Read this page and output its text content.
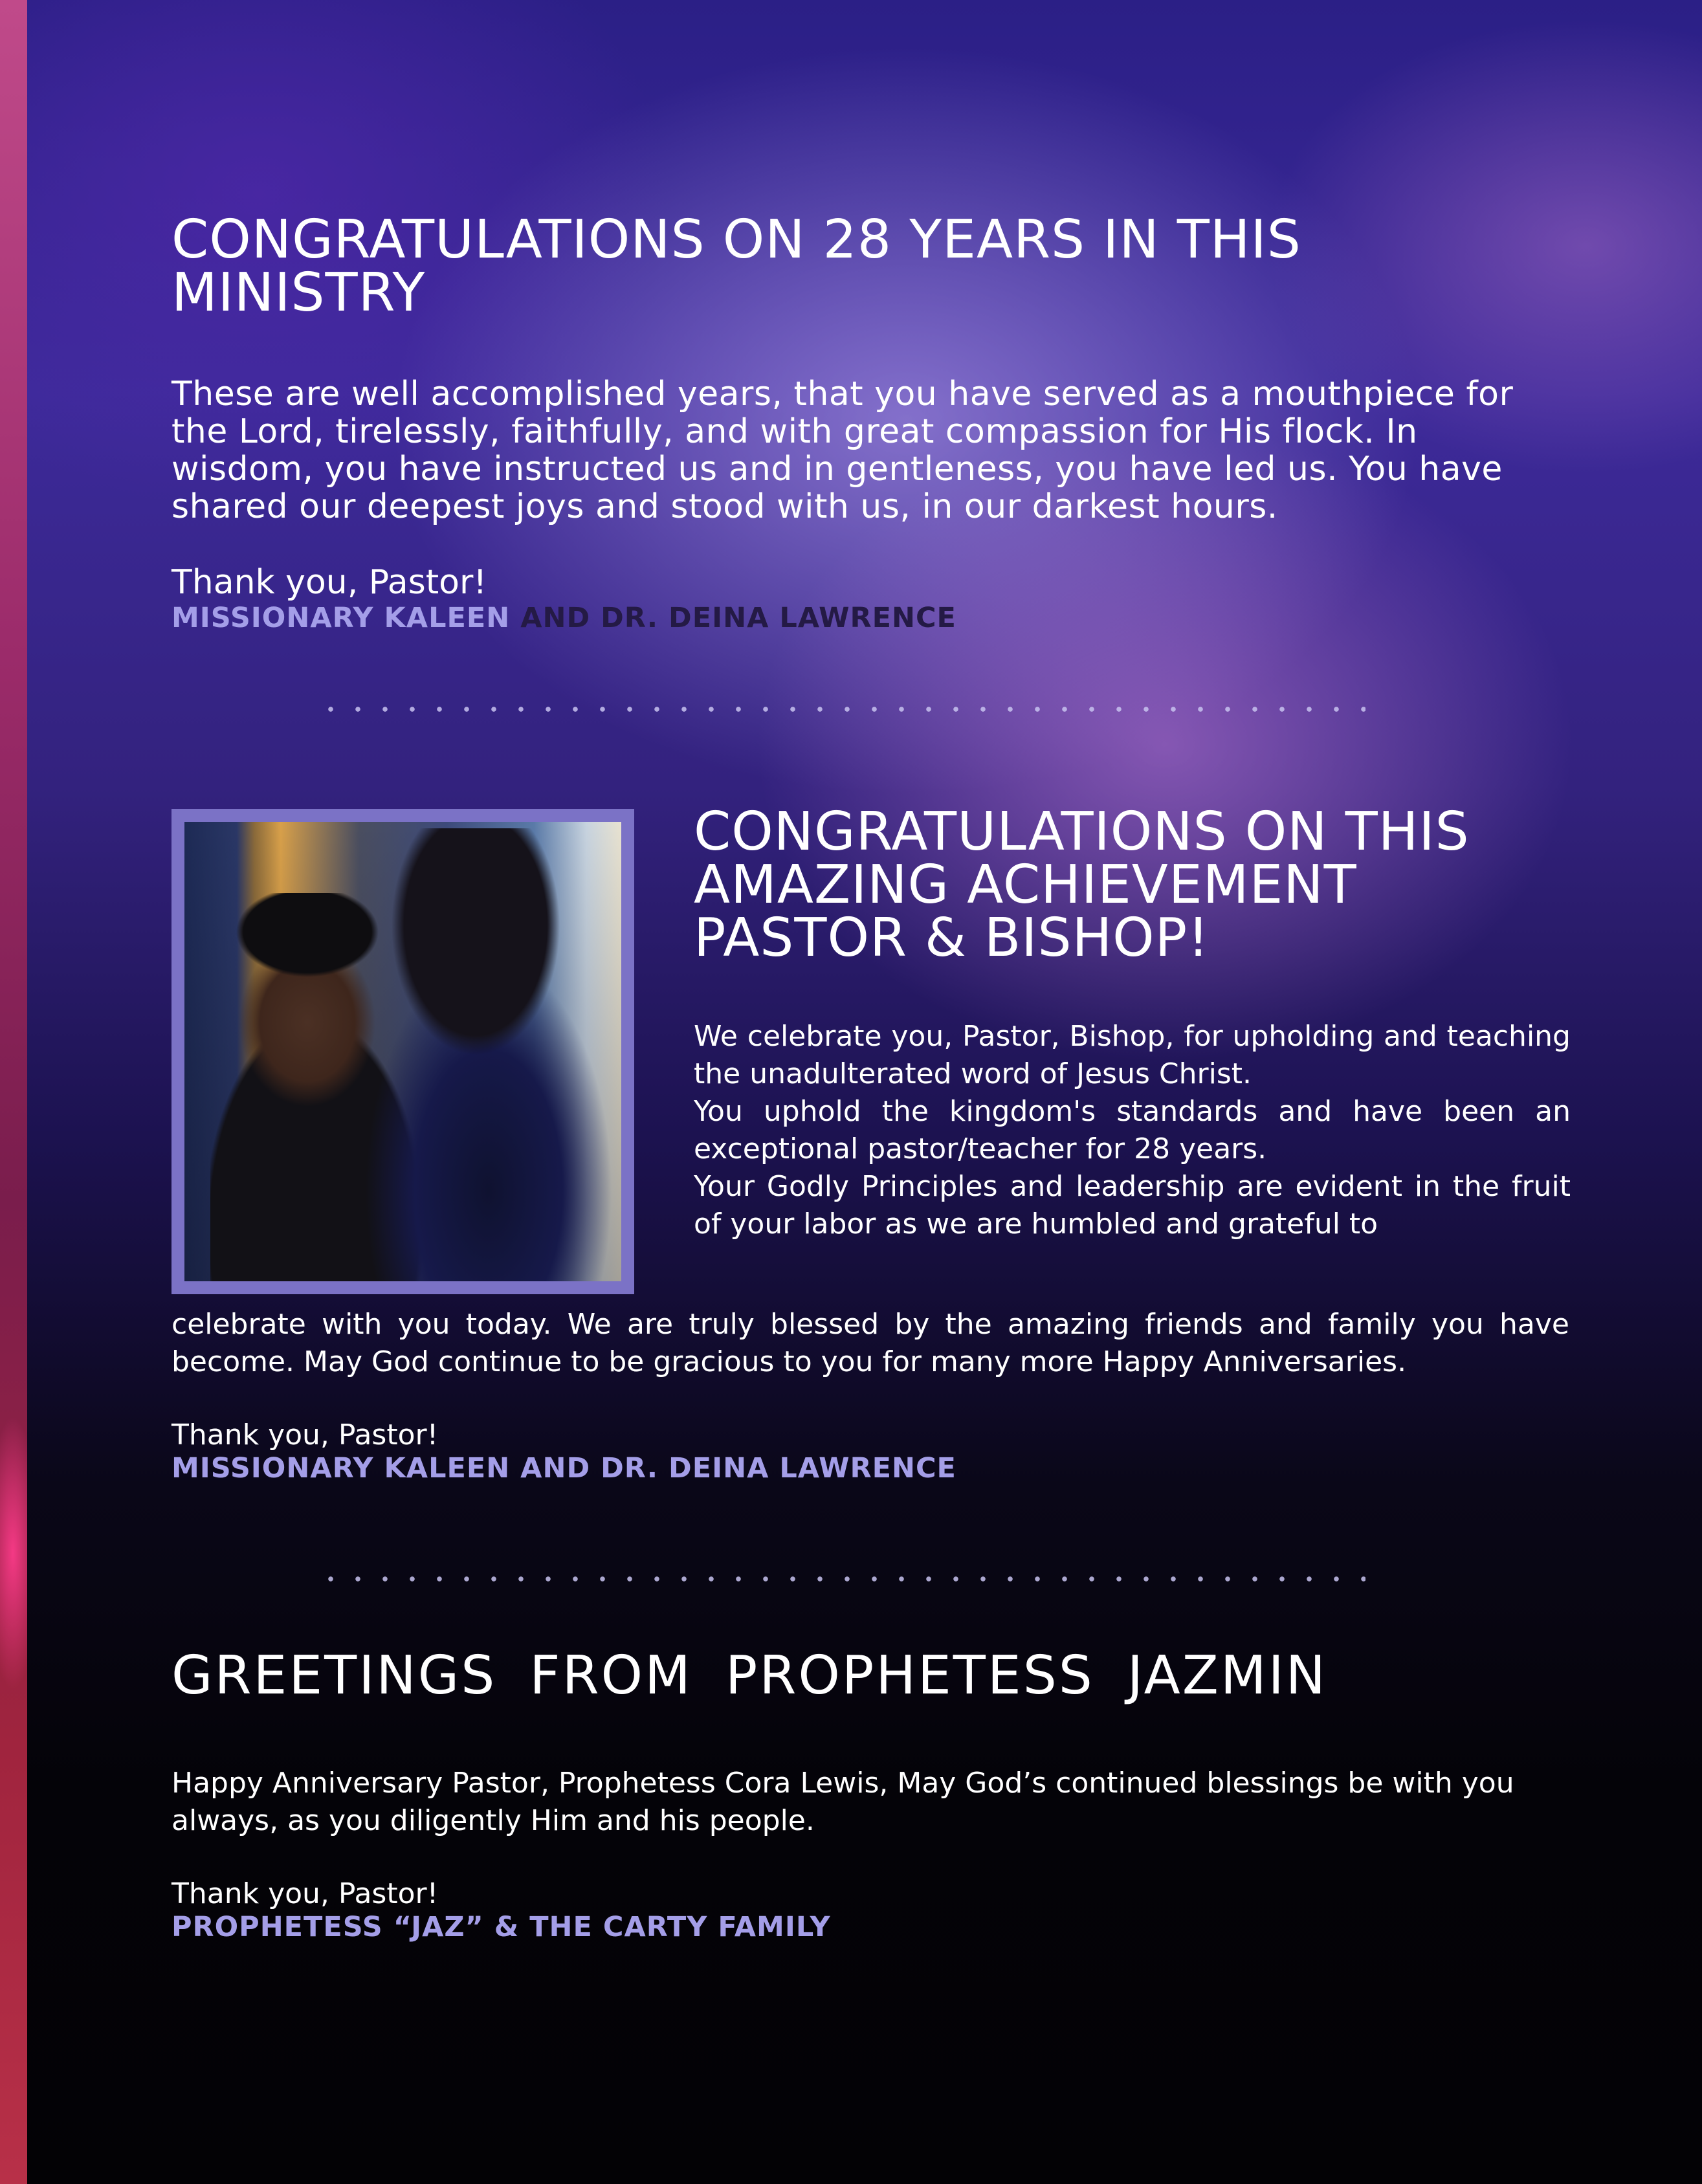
CONGRATULATIONS ON 28 YEARS IN THIS MINISTRY
These are well accomplished years, that you have served as a mouthpiece for the Lord, tirelessly, faithfully, and with great compassion for His flock. In wisdom, you have instructed us and in gentleness, you have led us. You have shared our deepest joys and stood with us, in our darkest hours.
Thank you, Pastor!
MISSIONARY KALEEN AND DR. DEINA LAWRENCE
CONGRATULATIONS ON THIS AMAZING ACHIEVEMENT PASTOR & BISHOP!
We celebrate you, Pastor, Bishop, for upholding and teaching the unadulterated word of Jesus Christ.
You uphold the kingdom's standards and have been an exceptional pastor/teacher for 28 years.
Your Godly Principles and leadership are evident in the fruit of your labor as we are humbled and grateful to
celebrate with you today. We are truly blessed by the amazing friends and family you have become. May God continue to be gracious to you for many more Happy Anniversaries.
Thank you, Pastor!
MISSIONARY KALEEN AND DR. DEINA LAWRENCE
GREETINGS FROM PROPHETESS JAZMIN
Happy Anniversary Pastor, Prophetess Cora Lewis, May God’s continued blessings be with you always, as you diligently Him and his people.
Thank you, Pastor!
PROPHETESS “JAZ” & THE CARTY FAMILY
